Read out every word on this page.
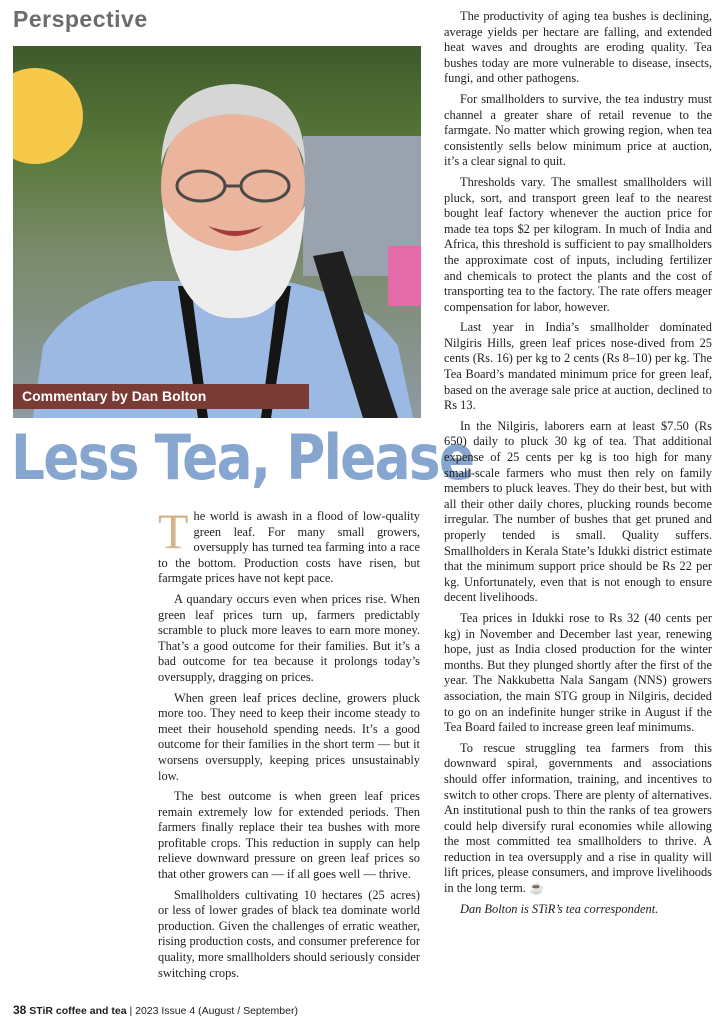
Perspective
Commentary by Dan Bolton
Less Tea, Please

The world is awash in a flood of low-quality green leaf. For many small growers, oversupply has turned tea farming into a race to the bottom. Production costs have risen, but farmgate prices have not kept pace.

A quandary occurs even when prices rise. When green leaf prices turn up, farmers predictably scramble to pluck more leaves to earn more money. That’s a good outcome for their families. But it’s a bad outcome for tea because it prolongs today’s oversupply, dragging on prices.

When green leaf prices decline, growers pluck more too. They need to keep their income steady to meet their household spending needs. It’s a good outcome for their families in the short term — but it worsens oversupply, keeping prices unsustainably low.

The best outcome is when green leaf prices remain extremely low for extended periods. Then farmers finally replace their tea bushes with more profitable crops. This reduction in supply can help relieve downward pressure on green leaf prices so that other growers can — if all goes well — thrive.

Smallholders cultivating 10 hectares (25 acres) or less of lower grades of black tea dominate world production. Given the challenges of erratic weather, rising production costs, and consumer preference for quality, more smallholders should seriously consider switching crops.

The productivity of aging tea bushes is declining, average yields per hectare are falling, and extended heat waves and droughts are eroding quality. Tea bushes today are more vulnerable to disease, insects, fungi, and other pathogens.

For smallholders to survive, the tea industry must channel a greater share of retail revenue to the farmgate. No matter which growing region, when tea consistently sells below minimum price at auction, it’s a clear signal to quit.

Thresholds vary. The smallest smallholders will pluck, sort, and transport green leaf to the nearest bought leaf factory whenever the auction price for made tea tops $2 per kilogram. In much of India and Africa, this threshold is sufficient to pay smallholders the approximate cost of inputs, including fertilizer and chemicals to protect the plants and the cost of transporting tea to the factory. The rate offers meager compensation for labor, however.

Last year in India’s smallholder dominated Nilgiris Hills, green leaf prices nose-dived from 25 cents (Rs. 16) per kg to 2 cents (Rs 8–10) per kg. The Tea Board’s mandated minimum price for green leaf, based on the average sale price at auction, declined to Rs 13.

In the Nilgiris, laborers earn at least $7.50 (Rs 650) daily to pluck 30 kg of tea. That additional expense of 25 cents per kg is too high for many small-scale farmers who must then rely on family members to pluck leaves. They do their best, but with all their other daily chores, plucking rounds become irregular. The number of bushes that get pruned and properly tended is small. Quality suffers. Smallholders in Kerala State’s Idukki district estimate that the minimum support price should be Rs 22 per kg. Unfortunately, even that is not enough to ensure decent livelihoods.

Tea prices in Idukki rose to Rs 32 (40 cents per kg) in November and December last year, renewing hope, just as India closed production for the winter months. But they plunged shortly after the first of the year. The Nakkubetta Nala Sangam (NNS) growers association, the main STG group in Nilgiris, decided to go on an indefinite hunger strike in August if the Tea Board failed to increase green leaf minimums.

To rescue struggling tea farmers from this downward spiral, governments and associations should offer information, training, and incentives to switch to other crops. There are plenty of alternatives. An institutional push to thin the ranks of tea growers could help diversify rural economies while allowing the most committed tea smallholders to thrive. A reduction in tea oversupply and a rise in quality will lift prices, please consumers, and improve livelihoods in the long term. ☕

Dan Bolton is STiR’s tea correspondent.

38 STiR coffee and tea | 2023 Issue 4 (August / September)
